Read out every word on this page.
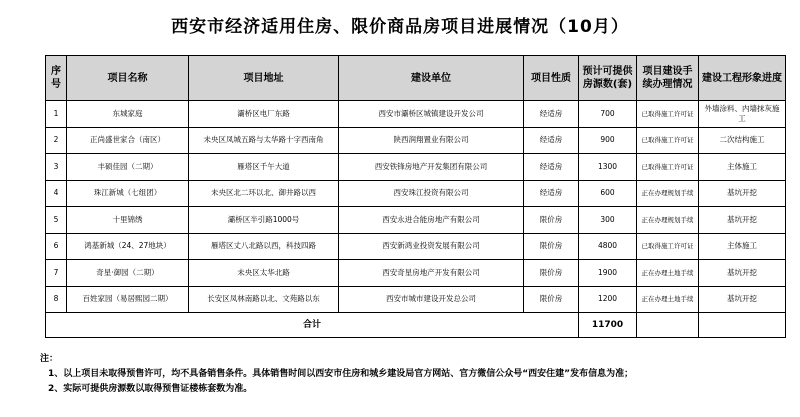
西安市经济适用住房、限价商品房项目进展情况（10月）
序号	项目名称	项目地址	建设单位	项目性质	预计可提供房源数(套)	项目建设手续办理情况	建设工程形象进度
1	东城家庭	灞桥区电厂东路	西安市灞桥区城镇建设开发公司	经适房	700	已取得施工许可证	外墙涂料、内墙抹灰施工
2	正尚盛世家合（南区）	未央区凤城五路与太华路十字西南角	陕西润翔置业有限公司	经适房	900	已取得施工许可证	二次结构施工
3	丰硕佳园（二期）	雁塔区千午大道	西安铁锋房地产开发集团有限公司	经适房	1300	已取得施工许可证	主体施工
4	珠江新城（七组团）	未央区北二环以北、御井路以西	西安珠江投资有限公司	经适房	600	正在办理规划手续	基坑开挖
5	十里锦绣	灞桥区半引路1000号	西安永进合能房地产有限公司	限价房	300	正在办理规划手续	基坑开挖
6	鸿基新城（24、27地块）	雁塔区丈八北路以西，科技四路	西安新鸿业投资发展有限公司	限价房	4800	已取得施工许可证	主体施工
7	奇星·御园（二期）	未央区太华北路	西安奇星房地产开发有限公司	限价房	1900	正在办理土地手续	基坑开挖
8	百姓家园（易居熙园二期）	长安区凤林南路以北、文苑路以东	西安市城市建设开发总公司	限价房	1200	正在办理土地手续	基坑开挖
合计					11700		
注：
1、以上项目未取得预售许可，均不具备销售条件。具体销售时间以西安市住房和城乡建设局官方网站、官方微信公众号“西安住建”发布信息为准；
2、实际可提供房源数以取得预售证楼栋套数为准。
